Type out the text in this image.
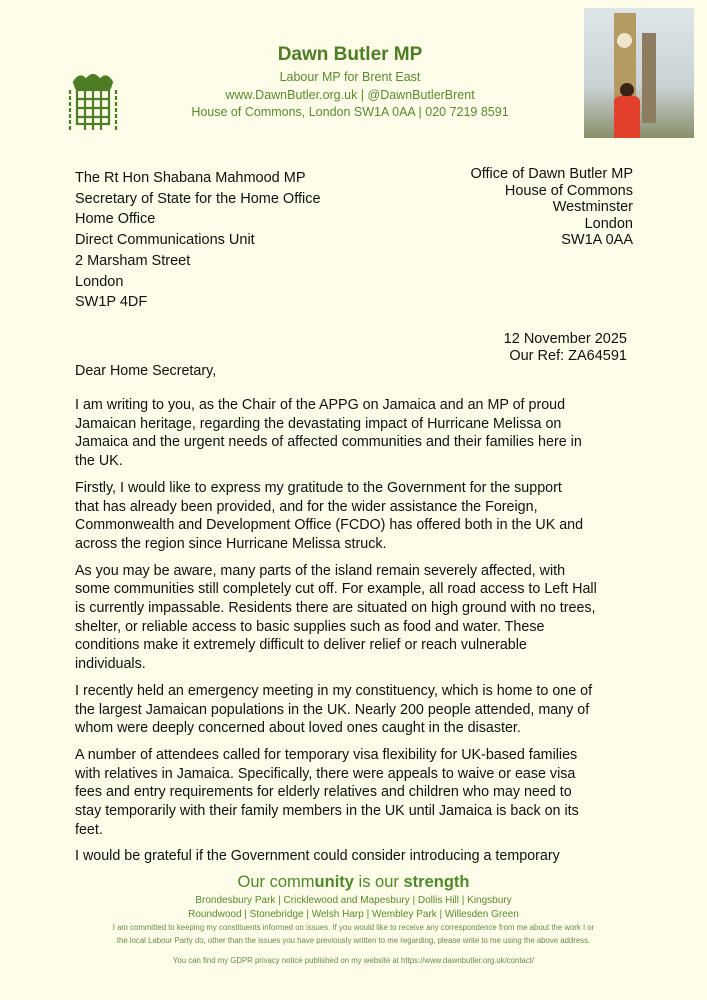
Dawn Butler MP
Labour MP for Brent East
www.DawnButler.org.uk | @DawnButlerBrent
House of Commons, London SW1A 0AA | 020 7219 8591
The Rt Hon Shabana Mahmood MP
Secretary of State for the Home Office
Home Office
Direct Communications Unit
2 Marsham Street
London
SW1P 4DF
Office of Dawn Butler MP
House of Commons
Westminster
London
SW1A 0AA
12 November 2025
Our Ref: ZA64591

Dear Home Secretary,

I am writing to you, as the Chair of the APPG on Jamaica and an MP of proud
Jamaican heritage, regarding the devastating impact of Hurricane Melissa on
Jamaica and the urgent needs of affected communities and their families here in
the UK.

Firstly, I would like to express my gratitude to the Government for the support
that has already been provided, and for the wider assistance the Foreign,
Commonwealth and Development Office (FCDO) has offered both in the UK and
across the region since Hurricane Melissa struck.

As you may be aware, many parts of the island remain severely affected, with
some communities still completely cut off. For example, all road access to Left Hall
is currently impassable. Residents there are situated on high ground with no trees,
shelter, or reliable access to basic supplies such as food and water. These
conditions make it extremely difficult to deliver relief or reach vulnerable
individuals.

I recently held an emergency meeting in my constituency, which is home to one of
the largest Jamaican populations in the UK. Nearly 200 people attended, many of
whom were deeply concerned about loved ones caught in the disaster.

A number of attendees called for temporary visa flexibility for UK-based families
with relatives in Jamaica. Specifically, there were appeals to waive or ease visa
fees and entry requirements for elderly relatives and children who may need to
stay temporarily with their family members in the UK until Jamaica is back on its
feet.

I would be grateful if the Government could consider introducing a temporary

Our community is our strength
Brondesbury Park | Cricklewood and Mapesbury | Dollis Hill | Kingsbury
Roundwood | Stonebridge | Welsh Harp | Wembley Park | Willesden Green
I am committed to keeping my constituents informed on issues. If you would like to receive any correspondence from me about the work I or
the local Labour Party do, other than the issues you have previously written to me regarding, please write to me using the above address.
You can find my GDPR privacy notice published on my website at https://www.dawnbutler.org.uk/contact/
